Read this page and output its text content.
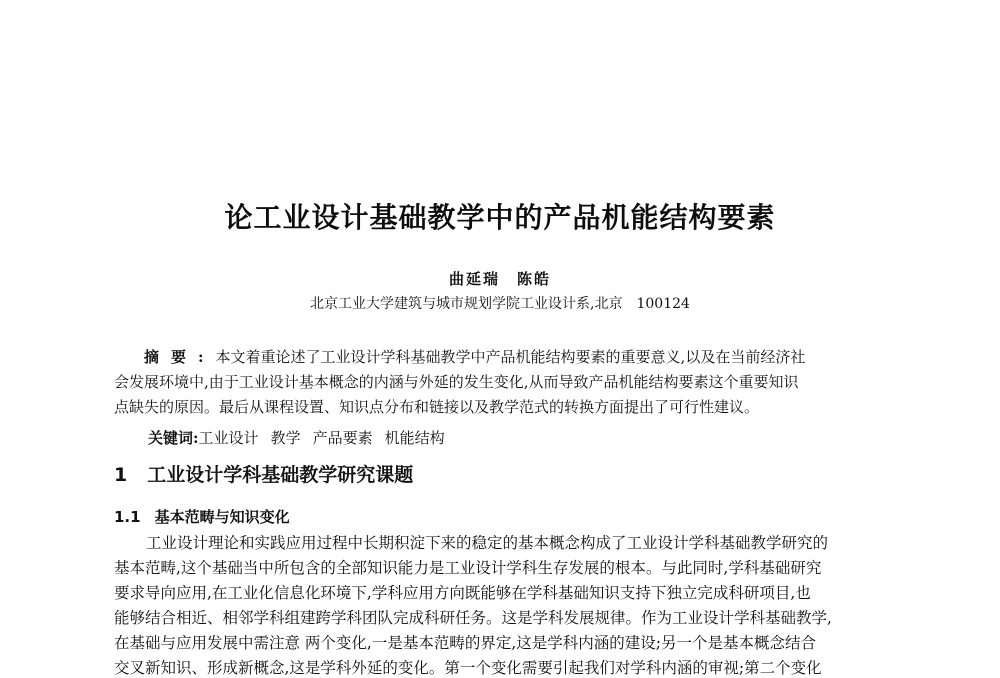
论工业设计基础教学中的产品机能结构要素
曲延瑞　陈皓
北京工业大学建筑与城市规划学院工业设计系,北京　100124
摘要:本文着重论述了工业设计学科基础教学中产品机能结构要素的重要意义,以及在当前经济社
会发展环境中,由于工业设计基本概念的内涵与外延的发生变化,从而导致产品机能结构要素这个重要知识
点缺失的原因。最后从课程设置、知识点分布和链接以及教学范式的转换方面提出了可行性建议。
关键词:工业设计 教学 产品要素 机能结构
1 工业设计学科基础教学研究课题
1.1 基本范畴与知识变化
工业设计理论和实践应用过程中长期积淀下来的稳定的基本概念构成了工业设计学科基础教学研究的
基本范畴,这个基础当中所包含的全部知识能力是工业设计学科生存发展的根本。与此同时,学科基础研究
要求导向应用,在工业化信息化环境下,学科应用方向既能够在学科基础知识支持下独立完成科研项目,也
能够结合相近、相邻学科组建跨学科团队完成科研任务。这是学科发展规律。作为工业设计学科基础教学,
在基础与应用发展中需注意 两个变化,一是基本范畴的界定,这是学科内涵的建设;另一个是基本概念结合
交叉新知识、形成新概念,这是学科外延的变化。第一个变化需要引起我们对学科内涵的审视;第二个变化
